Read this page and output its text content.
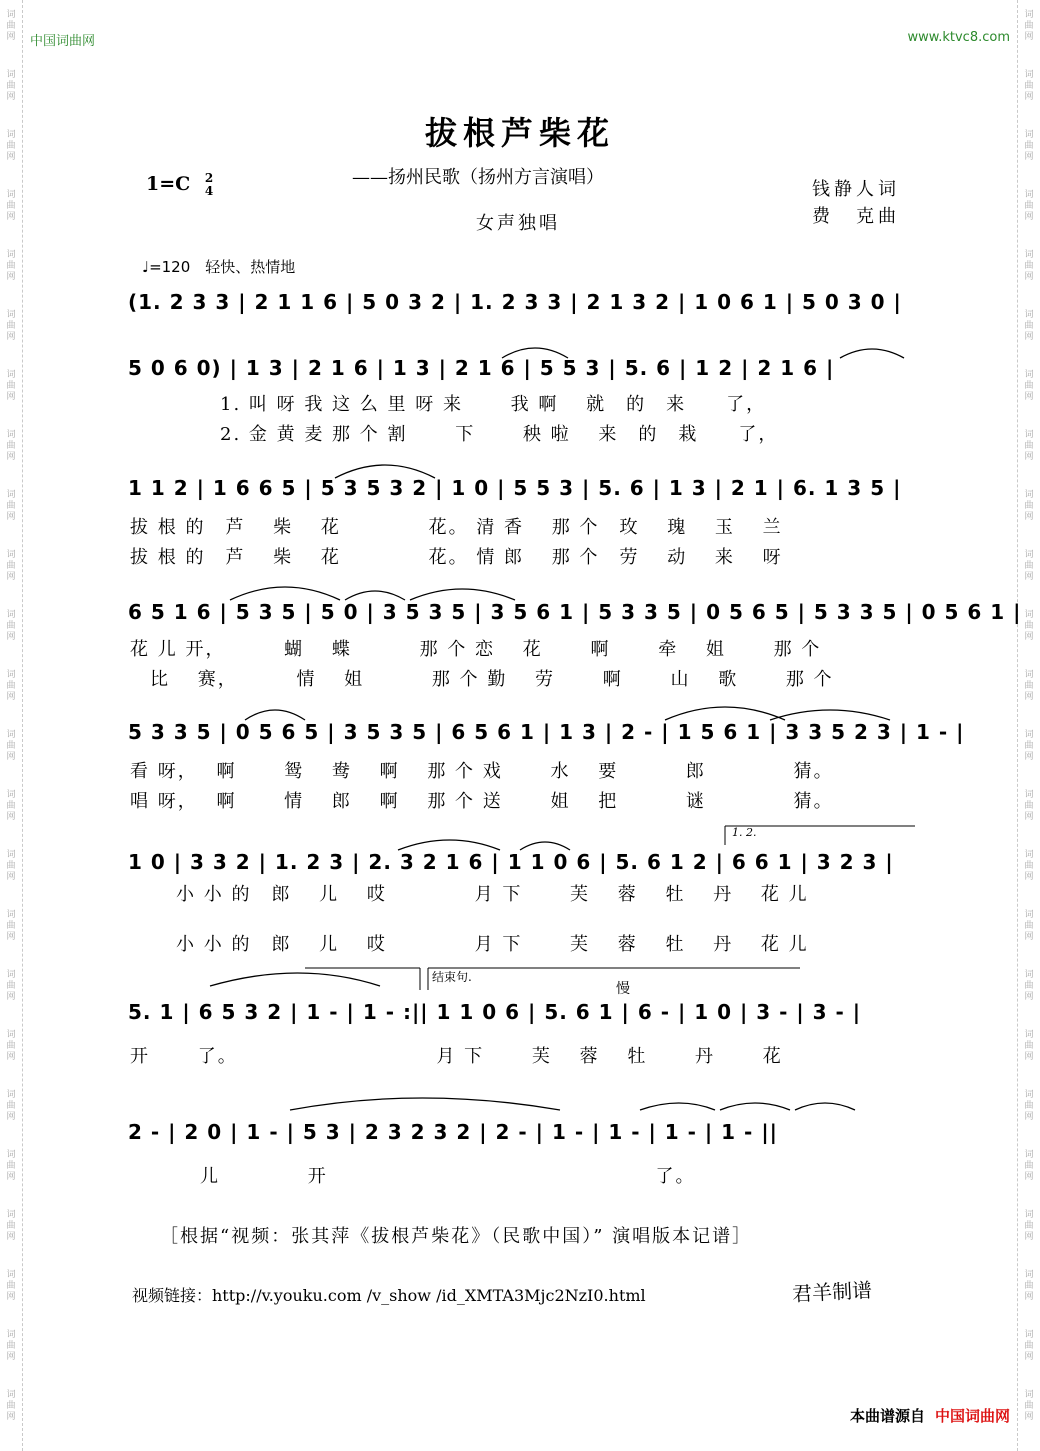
词
曲
网
词
曲
网
词
曲
网
词
曲
网
词
曲
网
词
曲
网
词
曲
网
词
曲
网
词
曲
网
词
曲
网
词
曲
网
词
曲
网
词
曲
网
词
曲
网
词
曲
网
词
曲
网
词
曲
网
词
曲
网
词
曲
网
词
曲
网
词
曲
网
词
曲
网
词
曲
网
词
曲
网
词
曲
网
词
曲
网
词
曲
网
词
曲
网
词
曲
网
词
曲
网
词
曲
网
词
曲
网
词
曲
网
词
曲
网
词
曲
网
词
曲
网
词
曲
网
词
曲
网
词
曲
网
词
曲
网
词
曲
网
词
曲
网
词
曲
网
词
曲
网
词
曲
网
词
曲
网
词
曲
网
词
曲
网
中国词曲网	www.ktvc8.com
拔根芦柴花
1=C 2
4
——扬州民歌（扬州方言演唱）
女声独唱
钱静人词
费　克曲
♩=120　轻快、热情地
(1. 2 3 3 | 2 1 1 6 | 5 0 3 2 | 1. 2 3 3 | 2 1 3 2 | 1 0 6 1 | 5 0 3 0 |
5 0 6 0) | 1 3 | 2 1 6 | 1 3 | 2 1 6 | 5 5 3 | 5. 6 | 1 2 | 2 1 6 |
1. 叫 呀 我 这 么 里 呀 来　　 我 啊　 就　的　来　　了，
2. 金 黄 麦 那 个 割　　 下　　 秧 啦　 来　的　栽　　了，
1 1 2 | 1 6 6 5 | 5 3 5 3 2 | 1 0 | 5 5 3 | 5. 6 | 1 3 | 2 1 | 6. 1 3 5 |
拔 根 的　芦　 柴　 花　　　　 花。 清 香　 那 个　玫　 瑰　 玉　 兰
拔 根 的　芦　 柴　 花　　　　 花。 情 郎　 那 个　劳　 动　 来　 呀
6 5 1 6 | 5 3 5 | 5 0 | 3 5 3 5 | 3 5 6 1 | 5 3 3 5 | 0 5 6 5 | 5 3 3 5 | 0 5 6 1 |
花 儿 开，　　　 蝴　 蝶　　　 那 个 恋　 花　　 啊　　 牵　 姐　　 那 个
　比　 赛，　　　 情　 姐　　　 那 个 勤　 劳　　 啊　　 山　 歌　　 那 个
5 3 3 5 | 0 5 6 5 | 3 5 3 5 | 6 5 6 1 | 1 3 | 2 - | 1 5 6 1 | 3 3 5 2 3 | 1 - |
看 呀，　 啊　　 鸳　 鸯　 啊　 那 个 戏　　 水　 要　　　 郎　　　　 猜。
唱 呀，　 啊　　 情　 郎　 啊　 那 个 送　　 姐　 把　　　 谜　　　　 猜。
1 0 | 3 3 2 | 1. 2 3 | 2. 3 2 1 6 | 1 1 0 6 | 5. 6 1 2 | 6 6 1 | 3 2 3 |
1. 2.
小 小 的　郎　 儿　 哎　　　　 月 下　　 芙　 蓉　 牡　 丹　 花 儿
小 小 的　郎　 儿　 哎　　　　 月 下　　 芙　 蓉　 牡　 丹　 花 儿
5. 1 | 6 5 3 2 | 1 - | 1 - :|| 1 1 0 6 | 5. 6 1 | 6 - | 1 0 | 3 - | 3 - |
结束句.
慢
开　　 了。　　　　　　　　　　 月 下　　 芙　 蓉　 牡　　 丹　　 花
2 - | 2 0 | 1 - | 5 3 | 2 3 2 3 2 | 2 - | 1 - | 1 - | 1 - | 1 - ||
儿　　　　 开　　　　　　　　　　　　　　　　 了。
［根据“视频：张其萍《拔根芦柴花》（民歌中国）” 演唱版本记谱］
视频链接：http://v.youku.com /v_show /id_XMTA3Mjc2NzI0.html	君羊制谱
本曲谱源自 中国词曲网
